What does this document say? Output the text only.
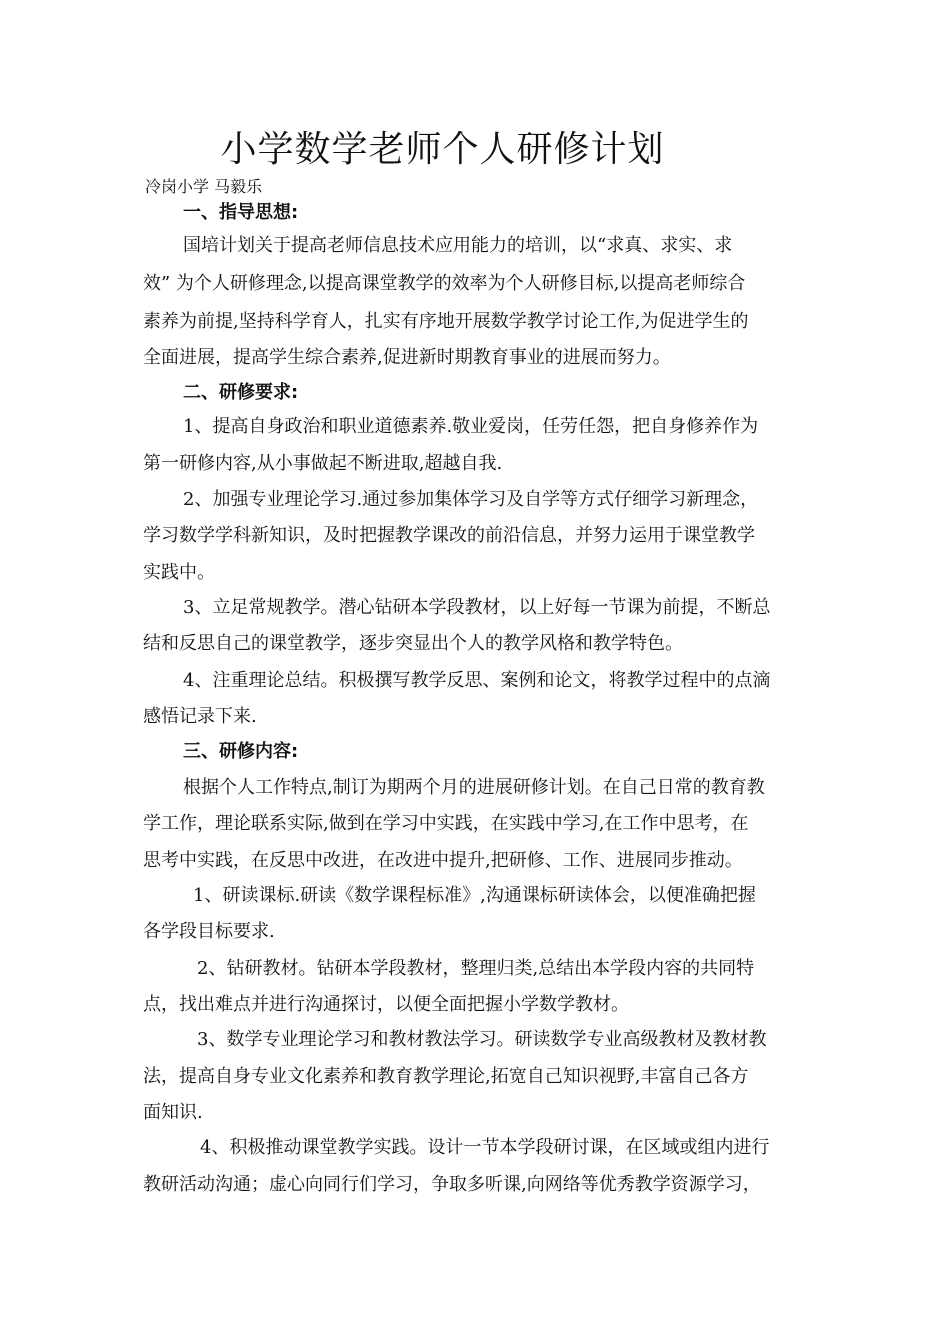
小学数学老师个人研修计划
冷岗小学 马毅乐
一、指导思想:
国培计划关于提高老师信息技术应用能力的培训，以“求真、求实、求
效” 为个人研修理念,以提高课堂教学的效率为个人研修目标,以提高老师综合
素养为前提,坚持科学育人，扎实有序地开展数学教学讨论工作,为促进学生的
全面进展，提高学生综合素养,促进新时期教育事业的进展而努力。
二、研修要求:
1、提高自身政治和职业道德素养.敬业爱岗，任劳任怨，把自身修养作为
第一研修内容,从小事做起不断进取,超越自我.
2、加强专业理论学习.通过参加集体学习及自学等方式仔细学习新理念，
学习数学学科新知识，及时把握教学课改的前沿信息，并努力运用于课堂教学
实践中。
3、立足常规教学。潜心钻研本学段教材，以上好每一节课为前提，不断总
结和反思自己的课堂教学，逐步突显出个人的教学风格和教学特色。
4、注重理论总结。积极撰写教学反思、案例和论文，将教学过程中的点滴
感悟记录下来.
三、研修内容:
根据个人工作特点,制订为期两个月的进展研修计划。在自己日常的教育教
学工作，理论联系实际,做到在学习中实践，在实践中学习,在工作中思考，在
思考中实践，在反思中改进，在改进中提升,把研修、工作、进展同步推动。
1、研读课标.研读《数学课程标准》,沟通课标研读体会，以便准确把握
各学段目标要求.
2、钻研教材。钻研本学段教材，整理归类,总结出本学段内容的共同特
点，找出难点并进行沟通探讨，以便全面把握小学数学教材。
3、数学专业理论学习和教材教法学习。研读数学专业高级教材及教材教
法，提高自身专业文化素养和教育教学理论,拓宽自己知识视野,丰富自己各方
面知识.
4、积极推动课堂教学实践。设计一节本学段研讨课，在区域或组内进行
教研活动沟通；虚心向同行们学习，争取多听课,向网络等优秀教学资源学习，
